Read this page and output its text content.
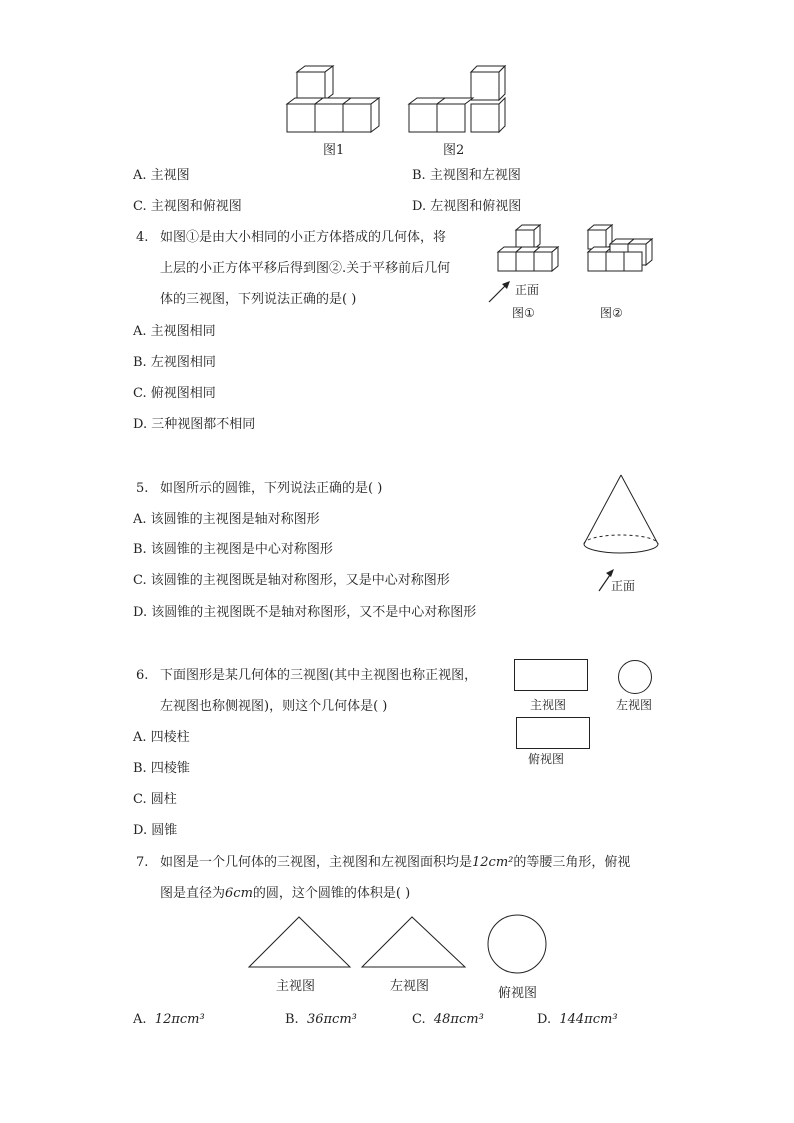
图1	图2
A. 主视图	B. 主视图和左视图
C. 主视图和俯视图	D. 左视图和俯视图
4. 如图①是由大小相同的小正方体搭成的几何体，将
上层的小正方体平移后得到图②.关于平移前后几何
体的三视图，下列说法正确的是( )
正面
图①	图②
A. 主视图相同
B. 左视图相同
C. 俯视图相同
D. 三种视图都不相同
5. 如图所示的圆锥，下列说法正确的是( )
正面
A. 该圆锥的主视图是轴对称图形
B. 该圆锥的主视图是中心对称图形
C. 该圆锥的主视图既是轴对称图形，又是中心对称图形
D. 该圆锥的主视图既不是轴对称图形，又不是中心对称图形
6. 下面图形是某几何体的三视图(其中主视图也称正视图，
左视图也称侧视图)，则这个几何体是( )	主视图	左视图
俯视图
A. 四棱柱
B. 四棱锥
C. 圆柱
D. 圆锥
7. 如图是一个几何体的三视图，主视图和左视图面积均是12cm²的等腰三角形，俯视
图是直径为6cm的圆，这个圆锥的体积是( )
主视图	左视图	俯视图
A. 12πcm³	B. 36πcm³	C. 48πcm³	D. 144πcm³
